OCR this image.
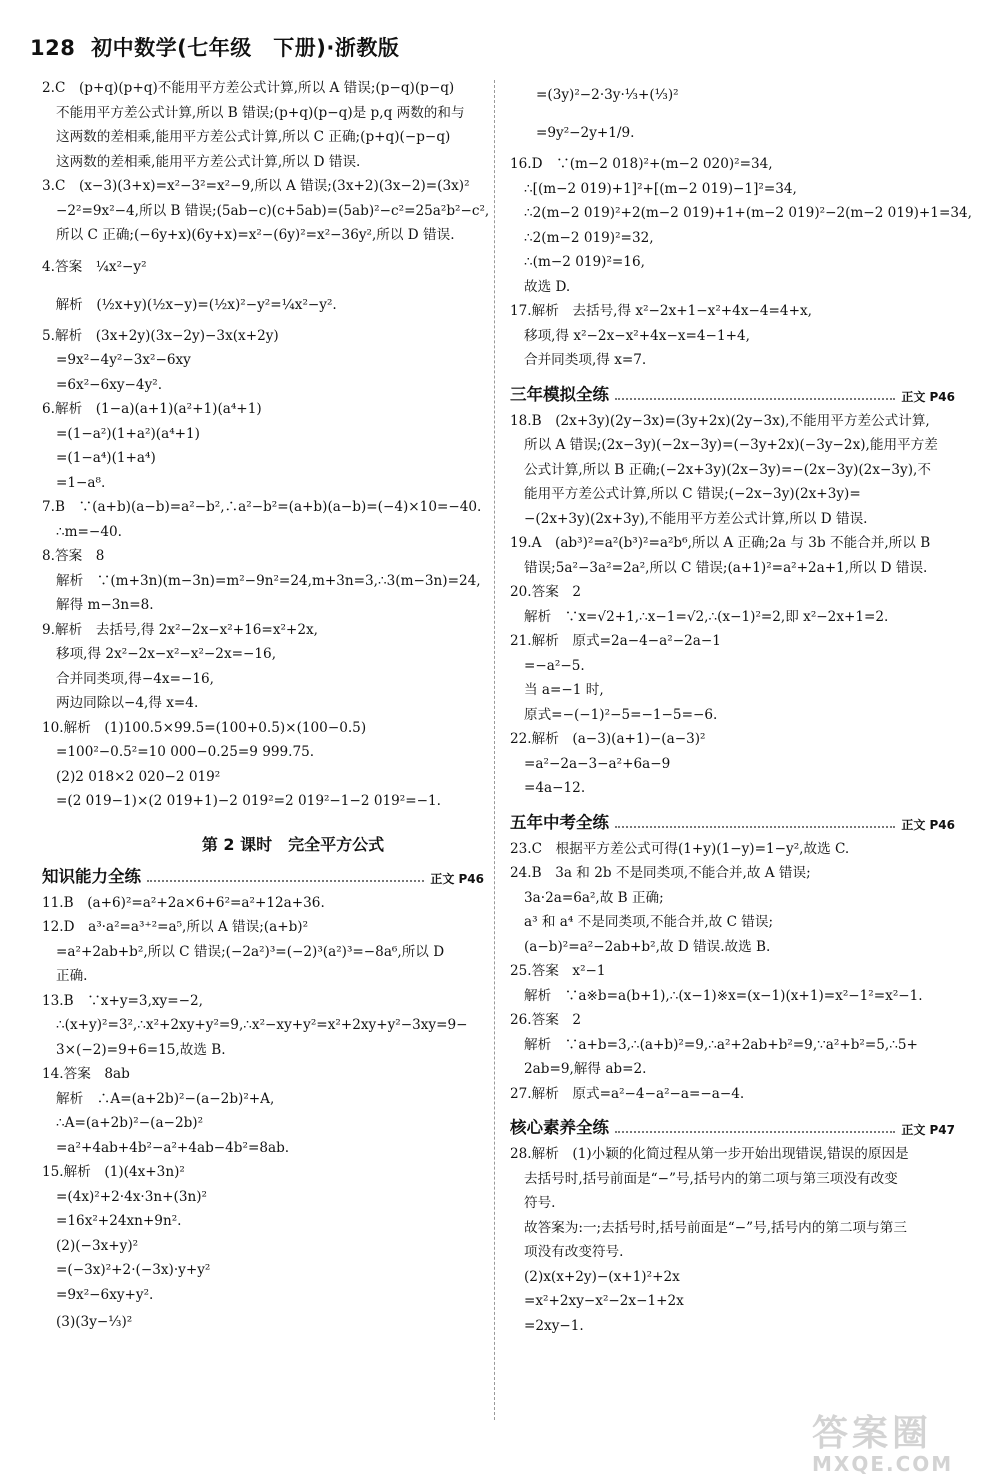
128 初中数学(七年级　下册)·浙教版
2.C　(p+q)(p+q)不能用平方差公式计算,所以 A 错误;(p−q)(p−q)
不能用平方差公式计算,所以 B 错误;(p+q)(p−q)是 p,q 两数的和与
这两数的差相乘,能用平方差公式计算,所以 C 正确;(p+q)(−p−q)
这两数的差相乘,能用平方差公式计算,所以 D 错误.
3.C　(x−3)(3+x)=x²−3²=x²−9,所以 A 错误;(3x+2)(3x−2)=(3x)²
−2²=9x²−4,所以 B 错误;(5ab−c)(c+5ab)=(5ab)²−c²=25a²b²−c²,
所以 C 正确;(−6y+x)(6y+x)=x²−(6y)²=x²−36y²,所以 D 错误.
4.答案　¼x²−y²
　解析　(½x+y)(½x−y)=(½x)²−y²=¼x²−y².
5.解析　(3x+2y)(3x−2y)−3x(x+2y)
=9x²−4y²−3x²−6xy
=6x²−6xy−4y².
6.解析　(1−a)(a+1)(a²+1)(a⁴+1)
=(1−a²)(1+a²)(a⁴+1)
=(1−a⁴)(1+a⁴)
=1−a⁸.
7.B　∵(a+b)(a−b)=a²−b²,∴a²−b²=(a+b)(a−b)=(−4)×10=−40.
∴m=−40.
8.答案　8
解析　∵(m+3n)(m−3n)=m²−9n²=24,m+3n=3,∴3(m−3n)=24,
解得 m−3n=8.
9.解析　去括号,得 2x²−2x−x²+16=x²+2x,
移项,得 2x²−2x−x²−x²−2x=−16,
合并同类项,得−4x=−16,
两边同除以−4,得 x=4.
10.解析　(1)100.5×99.5=(100+0.5)×(100−0.5)
=100²−0.5²=10 000−0.25=9 999.75.
(2)2 018×2 020−2 019²
=(2 019−1)×(2 019+1)−2 019²=2 019²−1−2 019²=−1.
第 2 课时　完全平方公式
知识能力全练	正文 P46
11.B　(a+6)²=a²+2a×6+6²=a²+12a+36.
12.D　a³·a²=a³⁺²=a⁵,所以 A 错误;(a+b)²
=a²+2ab+b²,所以 C 错误;(−2a²)³=(−2)³(a²)³=−8a⁶,所以 D
正确.
13.B　∵x+y=3,xy=−2,
∴(x+y)²=3²,∴x²+2xy+y²=9,∴x²−xy+y²=x²+2xy+y²−3xy=9−
3×(−2)=9+6=15,故选 B.
14.答案　8ab
解析　∴A=(a+2b)²−(a−2b)²+A,
∴A=(a+2b)²−(a−2b)²
=a²+4ab+4b²−a²+4ab−4b²=8ab.
15.解析　(1)(4x+3n)²
=(4x)²+2·4x·3n+(3n)²
=16x²+24xn+9n².
(2)(−3x+y)²
=(−3x)²+2·(−3x)·y+y²
=9x²−6xy+y².
(3)(3y−⅓)²
=(3y)²−2·3y·⅓+(⅓)²
=9y²−2y+1/9.
16.D　∵(m−2 018)²+(m−2 020)²=34,
∴[(m−2 019)+1]²+[(m−2 019)−1]²=34,
∴2(m−2 019)²+2(m−2 019)+1+(m−2 019)²−2(m−2 019)+1=34,
∴2(m−2 019)²=32,
∴(m−2 019)²=16,
故选 D.
17.解析　去括号,得 x²−2x+1−x²+4x−4=4+x,
移项,得 x²−2x−x²+4x−x=4−1+4,
合并同类项,得 x=7.
三年模拟全练	正文 P46
18.B　(2x+3y)(2y−3x)=(3y+2x)(2y−3x),不能用平方差公式计算,
所以 A 错误;(2x−3y)(−2x−3y)=(−3y+2x)(−3y−2x),能用平方差
公式计算,所以 B 正确;(−2x+3y)(2x−3y)=−(2x−3y)(2x−3y),不
能用平方差公式计算,所以 C 错误;(−2x−3y)(2x+3y)=
−(2x+3y)(2x+3y),不能用平方差公式计算,所以 D 错误.
19.A　(ab³)²=a²(b³)²=a²b⁶,所以 A 正确;2a 与 3b 不能合并,所以 B
错误;5a²−3a²=2a²,所以 C 错误;(a+1)²=a²+2a+1,所以 D 错误.
20.答案　2
解析　∵x=√2+1,∴x−1=√2,∴(x−1)²=2,即 x²−2x+1=2.
21.解析　原式=2a−4−a²−2a−1
=−a²−5.
当 a=−1 时,
原式=−(−1)²−5=−1−5=−6.
22.解析　(a−3)(a+1)−(a−3)²
=a²−2a−3−a²+6a−9
=4a−12.
五年中考全练	正文 P46
23.C　根据平方差公式可得(1+y)(1−y)=1−y²,故选 C.
24.B　3a 和 2b 不是同类项,不能合并,故 A 错误;
3a·2a=6a²,故 B 正确;
a³ 和 a⁴ 不是同类项,不能合并,故 C 错误;
(a−b)²=a²−2ab+b²,故 D 错误.故选 B.
25.答案　x²−1
解析　∵a※b=a(b+1),∴(x−1)※x=(x−1)(x+1)=x²−1²=x²−1.
26.答案　2
解析　∵a+b=3,∴(a+b)²=9,∴a²+2ab+b²=9,∵a²+b²=5,∴5+
2ab=9,解得 ab=2.
27.解析　原式=a²−4−a²−a=−a−4.
核心素养全练	正文 P47
28.解析　(1)小颖的化简过程从第一步开始出现错误,错误的原因是
去括号时,括号前面是“−”号,括号内的第二项与第三项没有改变
符号.
故答案为:一;去括号时,括号前面是“−”号,括号内的第二项与第三
项没有改变符号.
(2)x(x+2y)−(x+1)²+2x
=x²+2xy−x²−2x−1+2x
=2xy−1.
答案圈
MXQE.COM
